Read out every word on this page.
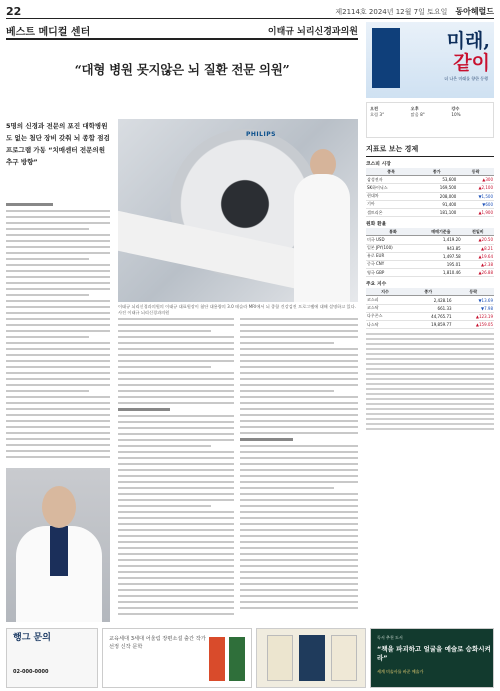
22	제2114호 2024년 12월 7일 토요일 동아헤럴드
베스트 메디컬 센터	이태규 뇌리신경과의원
“대형 병원 못지않은 뇌 질환 전문 의원”
5명의 신경과 전문의 포진 대학병원도 없는 첨단 장비 갖춰 뇌 종합 점검 프로그램 가동 “치매센터 전문의원 추구 방향”
PHILIPS
이태규 뇌리신경과의원의 이태규 대표원장이 첨단 대용량의 3.0 테슬라 MRI에서 뇌 종합 건강검진 프로그램에 대해 설명하고 있다. 사진 이태규 뇌리신경과의원
미래,
같이
더 나은 미래를 향한 동행
오전
흐림 3°
오후
맑음 8°
강수
10%
지표로 보는 경제
코스피 시장
종목	종가	등락
삼성전자	53,600	▲300
SK하이닉스	169,500	▲2,100
현대차	208,000	▼1,500
기아	91,400	▼600
셀트리온	181,100	▲1,900
원화 환율
통화	매매기준율	전일비
미국 USD	1,419.20	▲20.50
일본 JPY(100)	943.85	▲8.21
유로 EUR	1,497.58	▲19.64
중국 CNY	195.01	▲2.38
영국 GBP	1,810.46	▲26.88
주요 지수
지수	종가	등락
코스피	2,428.16	▼13.69
코스닥	661.33	▼7.98
다우존스	44,765.71	▲123.19
나스닥	19,859.77	▲159.05
행그 문의
02-000-0000
교육세대 3세대 어울림 장편소설 출간 작가 선정 신작 문학
독서 추천 도서
“책을 파괴하고 얼굴을 예술로 승화시켜라”
세계 미술사를 바꾼 예술가
